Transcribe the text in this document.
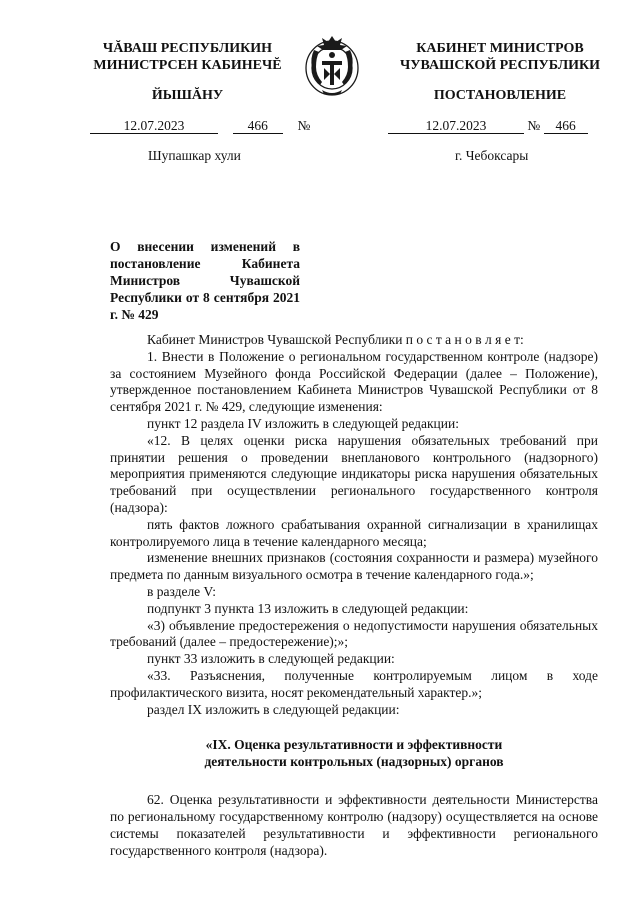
ЧĂВАШ РЕСПУБЛИКИН
МИНИСТРСЕН КАБИНЕЧĔ
ЙЫШĂНУ
КАБИНЕТ МИНИСТРОВ
ЧУВАШСКОЙ РЕСПУБЛИКИ
ПОСТАНОВЛЕНИЕ
12.07.2023	466 №	12.07.2023	№ 466
Шупашкар хули	г. Чебоксары
О внесении изменений в постановление Кабинета Министров Чувашской Республики от 8 сентября 2021 г. № 429

Кабинет Министров Чувашской Республики п о с т а н о в л я е т:

1. Внести в Положение о региональном государственном контроле (надзоре) за состоянием Музейного фонда Российской Федерации (далее – Положение), утвержденное постановлением Кабинета Министров Чувашской Республики от 8 сентября 2021 г. № 429, следующие изменения:

пункт 12 раздела IV изложить в следующей редакции:

«12. В целях оценки риска нарушения обязательных требований при принятии решения о проведении внепланового контрольного (надзорного) мероприятия применяются следующие индикаторы риска нарушения обязательных требований при осуществлении регионального государственного контроля (надзора):

пять фактов ложного срабатывания охранной сигнализации в хранилищах контролируемого лица в течение календарного месяца;

изменение внешних признаков (состояния сохранности и размера) музейного предмета по данным визуального осмотра в течение календарного года.»;

в разделе V:

подпункт 3 пункта 13 изложить в следующей редакции:

«3) объявление предостережения о недопустимости нарушения обязательных требований (далее – предостережение);»;

пункт 33 изложить в следующей редакции:

«33. Разъяснения, полученные контролируемым лицом в ходе профилактического визита, носят рекомендательный характер.»;

раздел IX изложить в следующей редакции:

«IX. Оценка результативности и эффективности
деятельности контрольных (надзорных) органов

62. Оценка результативности и эффективности деятельности Министерства по региональному государственному контролю (надзору) осуществляется на основе системы показателей результативности и эффективности регионального государственного контроля (надзора).
